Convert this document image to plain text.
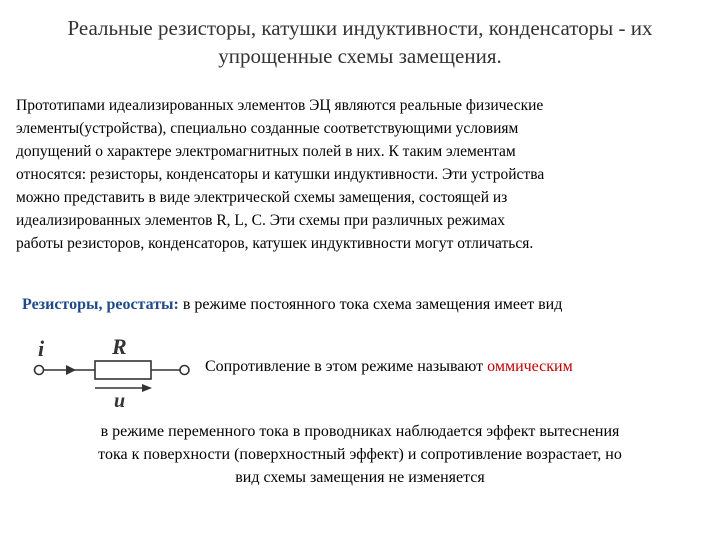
Реальные резисторы, катушки индуктивности, конденсаторы - их
упрощенные схемы замещения.
Прототипами идеализированных элементов ЭЦ являются реальные физические
элементы(устройства), специально созданные соответствующими условиям
допущений о характере электромагнитных полей в них. К таким элементам
относятся: резисторы, конденсаторы и катушки индуктивности. Эти устройства
можно представить в виде электрической схемы замещения, состоящей из
идеализированных элементов R, L, C. Эти схемы при различных режимах
работы резисторов, конденсаторов, катушек индуктивности могут отличаться.
Резисторы, реостаты: в режиме постоянного тока схема замещения имеет вид
i	R
u
Сопротивление в этом режиме называют оммическим
в режиме переменного тока в проводниках наблюдается эффект вытеснения
тока к поверхности (поверхностный эффект) и сопротивление возрастает, но
вид схемы замещения не изменяется
